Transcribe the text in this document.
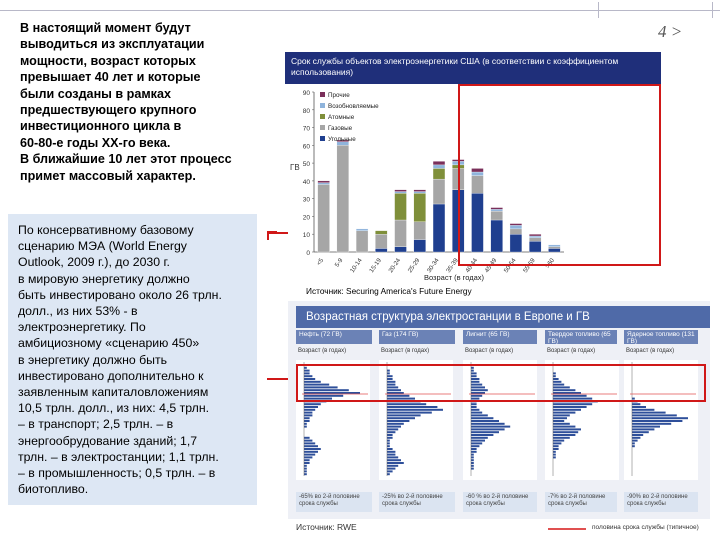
4 >
В настоящий момент будут
выводиться из эксплуатации
мощности, возраст которых
превышает 40 лет и которые
были созданы в рамках
предшествующего крупного
инвестиционного цикла в
60-80-е годы ХХ-го века.
В ближайшие 10 лет этот процесс
примет массовый характер.
По консервативному базовому
сценарию МЭА (World Energy
Outlook, 2009 г.), до 2030 г.
в мировую энергетику должно
быть инвестировано около 26 трлн.
долл., из них 53% - в
электроэнергетику. По
амбициозному «сценарию 450»
в энергетику должно быть
инвестировано дополнительно к
заявленным капиталовложениям
10,5 трлн. долл., из них: 4,5 трлн.
– в транспорт; 2,5 трлн. – в
энергообрудование зданий; 1,7
трлн. – в электростанции; 1,1 трлн.
– в промышленность; 0,5 трлн. – в
биотопливо.
Срок службы объектов электроэнергетики США (в соответствии с коэффициентом использования)
0
10
20
30
40
50
60
70
80
90
ГВ
<5 5-9 10-14 15-19 20-24 25-29 30-34 35-39 40-44 45-49 50-54 55-59 >60
Прочие
Возобновляемые
Атомные
Газовые
Угольные
Возраст (в годах)
Источник: Securing America's Future Energy
Возрастная структура электростанции в Европе и ГВ
Нефть (72 ГВ)
Возраст (в годах)
-65% во 2-й половине срока службы
Газ (174 ГВ)
Возраст (в годах)
-25% во 2-й половине срока службы
Лигнит (65 ГВ)
Возраст (в годах)
-60 % во 2-й половине срока службы
Твердое топливо (65 ГВ)
Возраст (в годах)
-7% во 2-й половине срока службы
Ядерное топливо (131 ГВ)
Возраст (в годах)
-90% во 2-й половине срока службы
Источник: RWE	половина срока службы (типичное)
